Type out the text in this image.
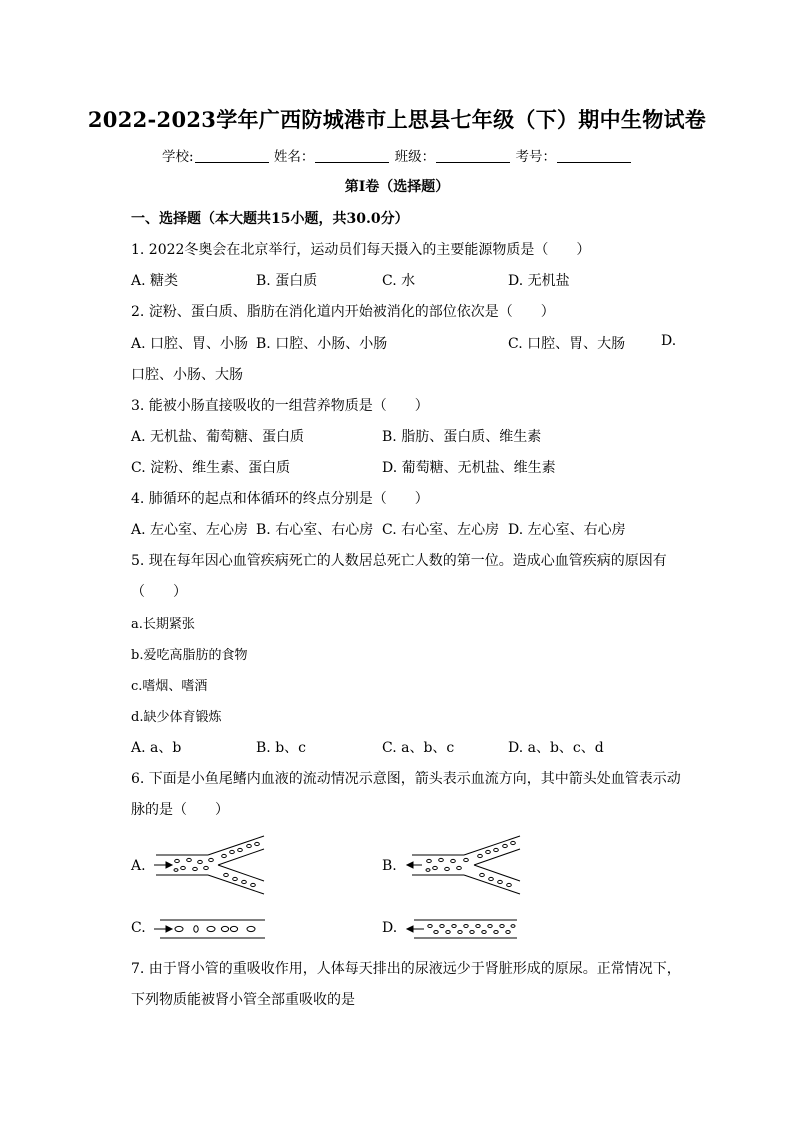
2022-2023学年广西防城港市上思县七年级（下）期中生物试卷
学校:	姓名：	班级：	考号：
第I卷（选择题）
一、选择题（本大题共15小题，共30.0分）
1. 2022冬奥会在北京举行，运动员们每天摄入的主要能源物质是（　　）
A. 糖类	B. 蛋白质	C. 水	D. 无机盐
2. 淀粉、蛋白质、脂肪在消化道内开始被消化的部位依次是（　　）
A. 口腔、胃、小肠 B. 口腔、小肠、小肠	C. 口腔、胃、大肠	D.
口腔、小肠、大肠
3. 能被小肠直接吸收的一组营养物质是（　　）
A. 无机盐、葡萄糖、蛋白质	B. 脂肪、蛋白质、维生素
C. 淀粉、维生素、蛋白质	D. 葡萄糖、无机盐、维生素
4. 肺循环的起点和体循环的终点分别是（　　）
A. 左心室、左心房 B. 右心室、右心房 C. 右心室、左心房 D. 左心室、右心房
5. 现在每年因心血管疾病死亡的人数居总死亡人数的第一位。造成心血管疾病的原因有
（　　）
a.长期紧张
b.爱吃高脂肪的食物
c.嗜烟、嗜酒
d.缺少体育锻炼
A. a、b	B. b、c	C. a、b、c	D. a、b、c、d
6. 下面是小鱼尾鳍内血液的流动情况示意图，箭头表示血流方向，其中箭头处血管表示动
脉的是（　　）
A.	B.
C.	D.
7. 由于肾小管的重吸收作用，人体每天排出的尿液远少于肾脏形成的原尿。正常情况下，
下列物质能被肾小管全部重吸收的是
